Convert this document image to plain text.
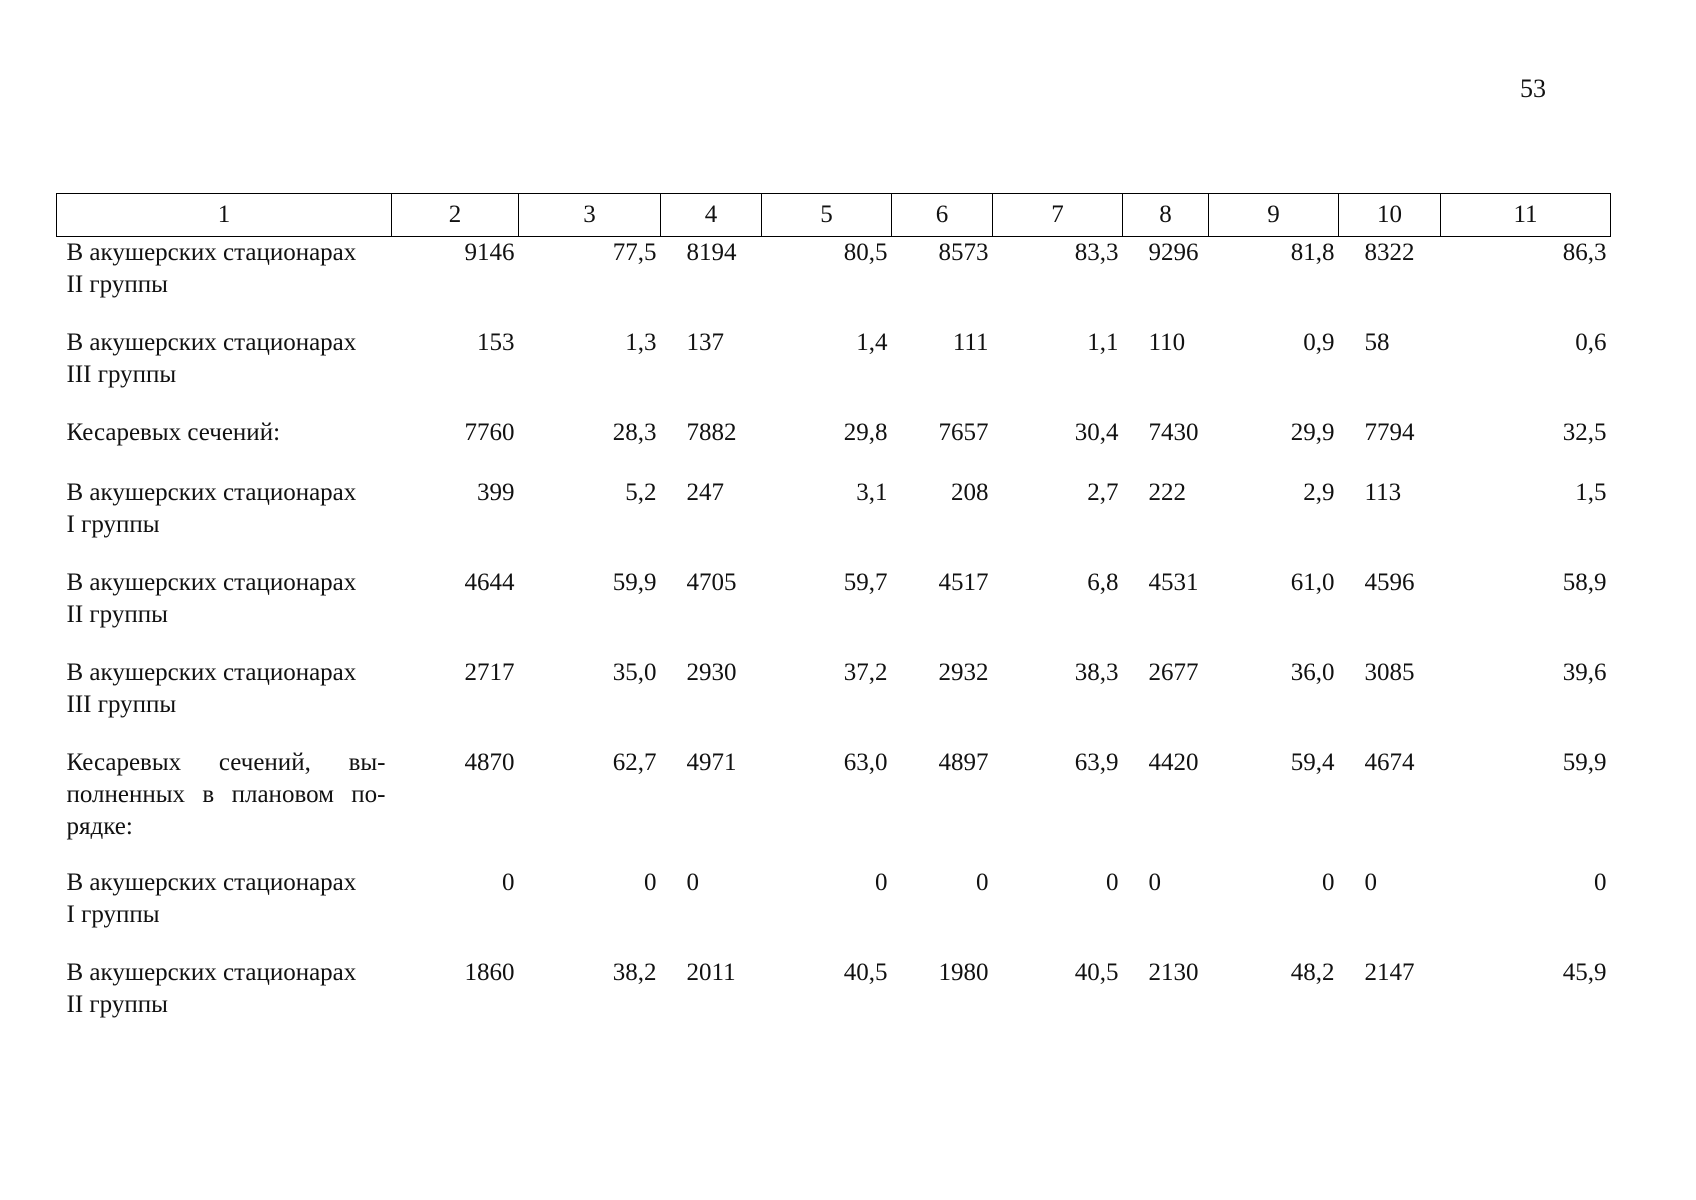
53
1	2	3	4	5	6	7	8	9	10	11

В акушерских стационарах
II группы	9146	77,5	8194	80,5	8573	83,3	9296	81,8	8322	86,3

В акушерских стационарах
III группы	153	1,3	137	1,4	111	1,1	110	0,9	58	0,6

Кесаревых сечений:	7760	28,3	7882	29,8	7657	30,4	7430	29,9	7794	32,5

В акушерских стационарах
I группы	399	5,2	247	3,1	208	2,7	222	2,9	113	1,5

В акушерских стационарах
II группы	4644	59,9	4705	59,7	4517	6,8	4531	61,0	4596	58,9

В акушерских стационарах
III группы	2717	35,0	2930	37,2	2932	38,3	2677	36,0	3085	39,6

Кесаревых сечений, вы-
полненных в плановом по-
рядке:	4870	62,7	4971	63,0	4897	63,9	4420	59,4	4674	59,9

В акушерских стационарах
I группы	0	0	0	0	0	0	0	0	0	0

В акушерских стационарах
II группы	1860	38,2	2011	40,5	1980	40,5	2130	48,2	2147	45,9
